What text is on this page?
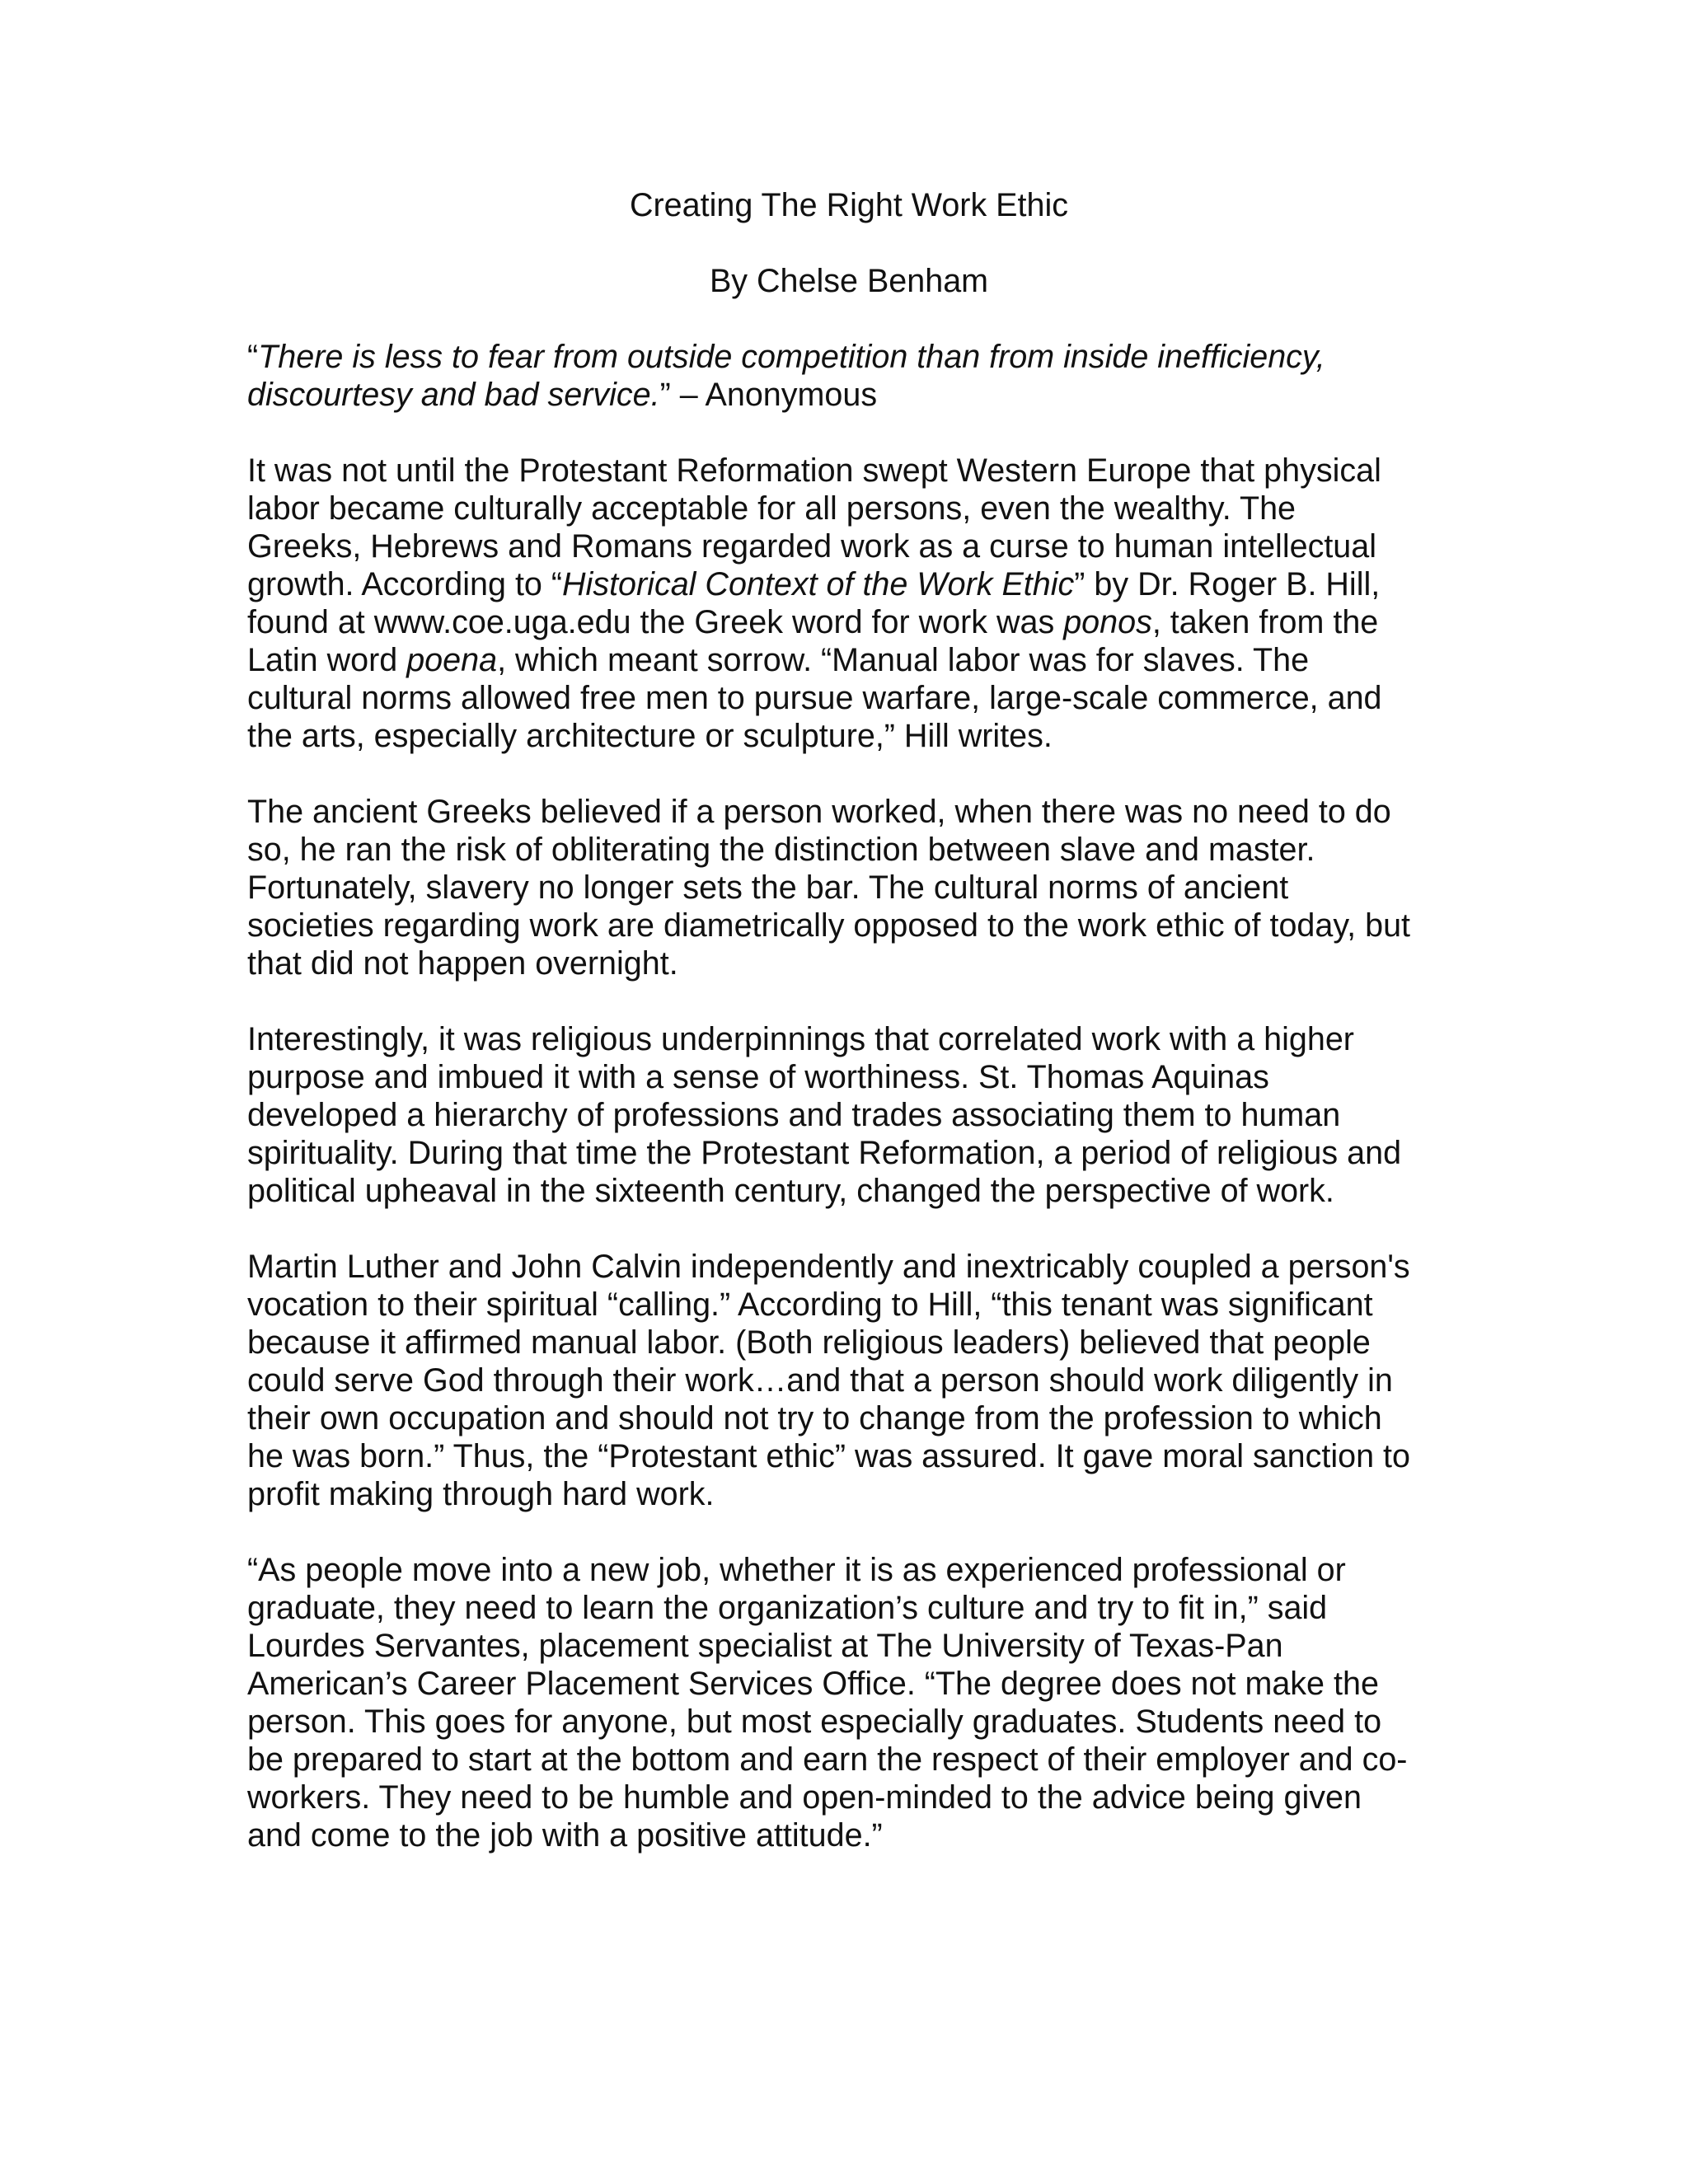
Creating The Right Work Ethic

By Chelse Benham

“There is less to fear from outside competition than from inside inefficiency,
discourtesy and bad service.” – Anonymous

It was not until the Protestant Reformation swept Western Europe that physical
labor became culturally acceptable for all persons, even the wealthy. The
Greeks, Hebrews and Romans regarded work as a curse to human intellectual
growth. According to “Historical Context of the Work Ethic” by Dr. Roger B. Hill,
found at www.coe.uga.edu the Greek word for work was ponos, taken from the
Latin word poena, which meant sorrow. “Manual labor was for slaves. The
cultural norms allowed free men to pursue warfare, large-scale commerce, and
the arts, especially architecture or sculpture,” Hill writes.

The ancient Greeks believed if a person worked, when there was no need to do
so, he ran the risk of obliterating the distinction between slave and master.
Fortunately, slavery no longer sets the bar. The cultural norms of ancient
societies regarding work are diametrically opposed to the work ethic of today, but
that did not happen overnight.

Interestingly, it was religious underpinnings that correlated work with a higher
purpose and imbued it with a sense of worthiness. St. Thomas Aquinas
developed a hierarchy of professions and trades associating them to human
spirituality. During that time the Protestant Reformation, a period of religious and
political upheaval in the sixteenth century, changed the perspective of work.

Martin Luther and John Calvin independently and inextricably coupled a person's
vocation to their spiritual “calling.” According to Hill, “this tenant was significant
because it affirmed manual labor. (Both religious leaders) believed that people
could serve God through their work…and that a person should work diligently in
their own occupation and should not try to change from the profession to which
he was born.” Thus, the “Protestant ethic” was assured. It gave moral sanction to
profit making through hard work.

“As people move into a new job, whether it is as experienced professional or
graduate, they need to learn the organization’s culture and try to fit in,” said
Lourdes Servantes, placement specialist at The University of Texas-Pan
American’s Career Placement Services Office. “The degree does not make the
person. This goes for anyone, but most especially graduates. Students need to
be prepared to start at the bottom and earn the respect of their employer and co-
workers. They need to be humble and open-minded to the advice being given
and come to the job with a positive attitude.”
